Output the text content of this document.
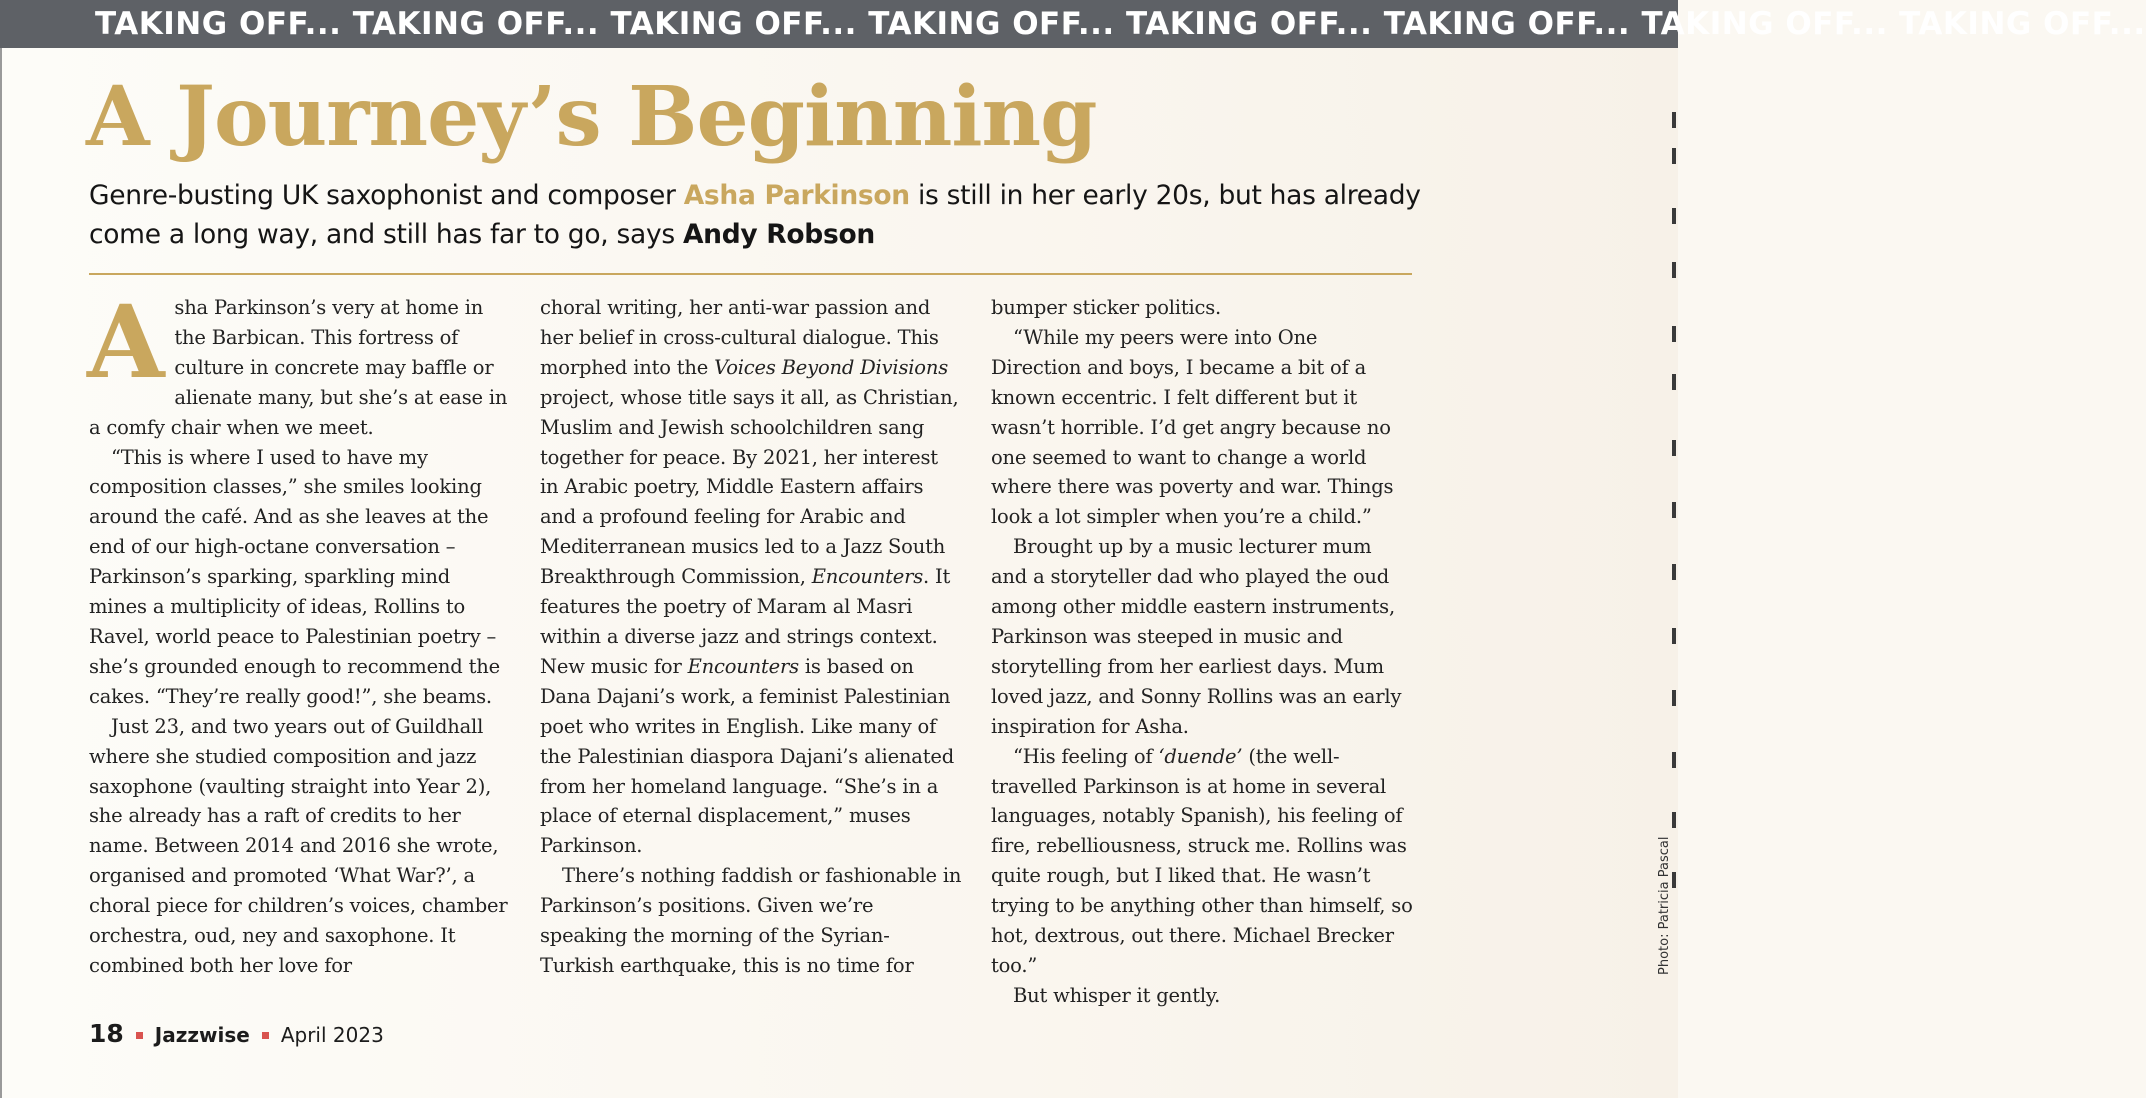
TAKING OFF... TAKING OFF... TAKING OFF... TAKING OFF... TAKING OFF... TAKING OFF... TAKING OFF... TAKING OFF...
A Journey’s Beginning

Genre-busting UK saxophonist and composer Asha Parkinson is still in her early 20s, but has already come a long way, and still has far to go, says Andy Robson

Asha Parkinson’s very at home in the Barbican. This fortress of culture in concrete may baffle or alienate many, but she’s at ease in a comfy chair when we meet.

“This is where I used to have my composition classes,” she smiles looking around the café. And as she leaves at the end of our high-octane conversation – Parkinson’s sparking, sparkling mind mines a multiplicity of ideas, Rollins to Ravel, world peace to Palestinian poetry – she’s grounded enough to recommend the cakes. “They’re really good!”, she beams.

Just 23, and two years out of Guildhall where she studied composition and jazz saxophone (vaulting straight into Year 2), she already has a raft of credits to her name. Between 2014 and 2016 she wrote, organised and promoted ‘What War?’, a choral piece for children’s voices, chamber orchestra, oud, ney and saxophone. It combined both her love for

choral writing, her anti-war passion and her belief in cross-cultural dialogue. This morphed into the Voices Beyond Divisions project, whose title says it all, as Christian, Muslim and Jewish schoolchildren sang together for peace. By 2021, her interest in Arabic poetry, Middle Eastern affairs and a profound feeling for Arabic and Mediterranean musics led to a Jazz South Breakthrough Commission, Encounters. It features the poetry of Maram al Masri within a diverse jazz and strings context. New music for Encounters is based on Dana Dajani’s work, a feminist Palestinian poet who writes in English. Like many of the Palestinian diaspora Dajani’s alienated from her homeland language. “She’s in a place of eternal displacement,” muses Parkinson.

There’s nothing faddish or fashionable in Parkinson’s positions. Given we’re speaking the morning of the Syrian-Turkish earthquake, this is no time for

bumper sticker politics.

“While my peers were into One Direction and boys, I became a bit of a known eccentric. I felt different but it wasn’t horrible. I’d get angry because no one seemed to want to change a world where there was poverty and war. Things look a lot simpler when you’re a child.”

Brought up by a music lecturer mum and a storyteller dad who played the oud among other middle eastern instruments, Parkinson was steeped in music and storytelling from her earliest days. Mum loved jazz, and Sonny Rollins was an early inspiration for Asha.

“His feeling of ‘duende’ (the well-travelled Parkinson is at home in several languages, notably Spanish), his feeling of fire, rebelliousness, struck me. Rollins was quite rough, but I liked that. He wasn’t trying to be anything other than himself, so hot, dextrous, out there. Michael Brecker too.”

But whisper it gently.

18 Jazzwise April 2023
Photo: Patricia Pascal
